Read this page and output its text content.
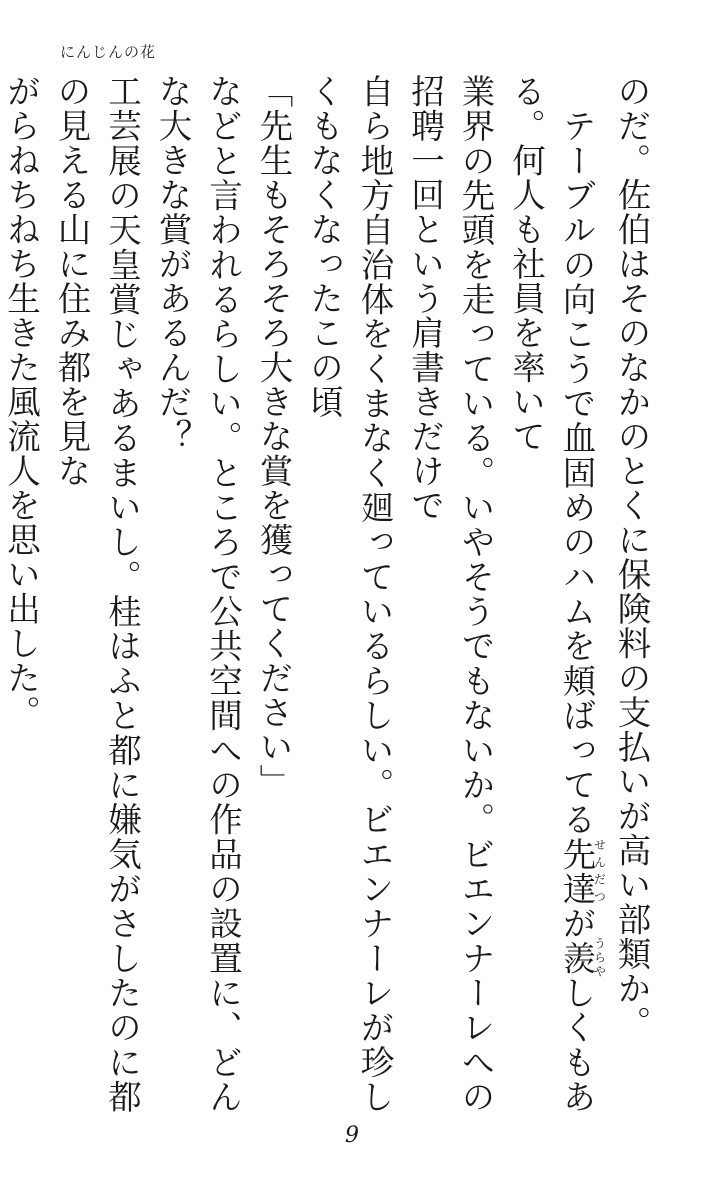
にんじんの花

のだ。佐伯はそのなかのとくに保険料の支払いが高い部類か。

　テーブルの向こうで血固めのハムを頬ばってる先達せんだつが羨うらやしくもある。何人も社員を率いて

業界の先頭を走っている。いやそうでもないか。ビエンナーレへの招聘一回という肩書きだけで

自ら地方自治体をくまなく廻っているらしい。ビエンナーレが珍しくもなくなったこの頃

「先生もそろそろ大きな賞を獲ってください」

などと言われるらしい。ところで公共空間への作品の設置に、どんな大きな賞があるんだ？

工芸展の天皇賞じゃあるまいし。桂はふと都に嫌気がさしたのに都の見える山に住み都を見な

がらねちねち生きた風流人を思い出した。

9
